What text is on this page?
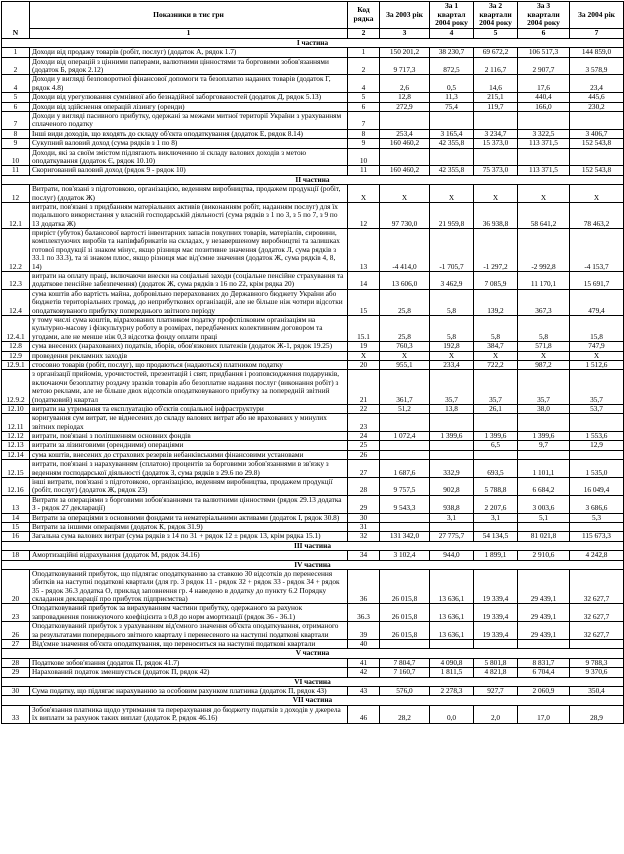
N	Показники в тис грн	Код рядка	За 2003 рік	За 1 квартал 2004 року	За 2 квартали 2004 року	За 3 квартали 2004 року	За 2004 рік
	1	2	3	4	5	6	7
І частина							
1	Доходи від продажу товарів (робіт, послуг) (додаток А, рядок 1.7)	1	150 201,2	38 230,7	69 672,2	106 517,3	144 859,0
2	Доходи від операцій з цінними паперами, валютними цінностями та борговими зобов'язаннями (додаток Б, рядок 2.12)	2	9 717,3	872,5	2 116,7	2 907,7	3 578,9
4	Доходи у вигляді безповоротної фінансової допомоги та безоплатно наданих товарів (додаток Г, рядок 4.8)	4	2,6	0,5	14,6	17,6	23,4
5	Доходи від урегулювання сумнівної або безнадійної заборгованостей (додаток Д, рядок 5.13)	5	12,8	11,3	215,1	440,4	445,6
6	Доходи від здійснення операцій лізингу (оренди)	6	272,9	75,4	119,7	166,0	230,2
7	Доходи у вигляді пасивного прибутку, одержані за межами митної території України з урахуванням сплаченого податку	7					
8	Інші види доходів, що входять до складу об'єкта оподаткування (додаток Е, рядок 8.14)	8	253,4	3 165,4	3 234,7	3 322,5	3 406,7
9	Сукупний валовий доход (сума рядків з 1 по 8)	9	160 460,2	42 355,8	15 373,0	113 371,5	152 543,8
10	Доходи, які за своїм змістом підлягають виключенню зі складу валових доходів з метою оподаткування (додаток Є, рядок 10.10)	10					
11	Скоригований валовий доход (рядок 9 - рядок 10)	11	160 460,2	42 355,8	75 373,0	113 371,5	152 543,8
ІІ частина							
12	Витрати, пов'язані з підготовкою, організацією, веденням виробництва, продажем продукції (робіт, послуг) (додаток Ж)	Х	Х	Х	Х	Х	Х
12.1	витрати, пов'язані з придбанням матеріальних активів (виконанням робіт, наданням послуг) для їх подальшого використання у власній господарській діяльності (сума рядків з 1 по 3, з 5 по 7, з 9 по 13 додатка Ж)	12	97 730,0	21 959,8	36 938,8	58 641,2	78 463,2
12.2	приріст (убуток) балансової вартості інвентарних запасів покупних товарів, матеріалів, сировини, комплектуючих виробів та напівфабрикатів на складах, у незавершеному виробництві та залишках готової продукції зі знаком мінус, якщо різниця має позитивне значення (додаток Л, сума рядків з 33.1 по 33.3), та зі знаком плюс, якщо різниця має від'ємне значення (додаток Ж, сума рядків 4, 8, 14)	13	-4 414,0	-1 705,7	-1 297,2	-2 992,8	-4 153,7
12.3	витрати на оплату праці, включаючи внески на соціальні заходи (соціальне пенсійне страхування та додаткове пенсійне забезпечення) (додаток Ж, сума рядків з 16 по 22, крім рядка 20)	14	13 606,0	3 462,9	7 085,9	11 170,1	15 691,7
12.4	сума коштів або вартість майна, добровільно перерахованих до Державного бюджету України або бюджетів територіальних громад, до неприбуткових організацій, але не більше ніж чотири відсотки оподатковуваного прибутку попереднього звітного періоду	15	25,8	5,8	139,2	367,3	479,4
12.4.1	у тому числі сума коштів, відрахованих платником податку профспілковим організаціям на культурно-масову і фізкультурну роботу в розмірах, передбачених колективним договором та угодами, але не менше ніж 0,3 відсотка фонду оплати праці	15.1	25,8	5,8	5,8	5,8	15,8
12.8	сума внесених (нарахованих) податків, зборів, обов'язкових платежів (додаток Ж-1, рядок 19.25)	19	760,3	192,8	384,7	571,8	747,9
12.9	проведення рекламних заходів	Х	Х	Х	Х	Х	Х
12.9.1	стосовно товарів (робіт, послуг), що продаються (надаються) платником податку	20	955,1	233,4	722,2	987,2	1 512,6
12.9.2	з організації прийомів, урочистостей, презентацій і свят, придбання і розповсюдження подарунків, включаючи безоплатну роздачу зразків товарів або безоплатне надання послуг (виконання робіт) з метою реклами, але не більше двох відсотків оподатковуваного прибутку за попередній звітний (податковий) квартал	21	361,7	35,7	35,7	35,7	35,7
12.10	витрати на утримання та експлуатацію об'єктів соціальної інфраструктури	22	51,2	13,8	26,1	38,0	53,7
12.11	коригування сум витрат, не віднесених до складу валових витрат або не врахованих у минулих звітних періодах	23					
12.12	витрати, пов'язані з поліпшенням основних фондів	24	1 072,4	1 399,6	1 399,6	1 399,6	1 553,6
12.13	витрати за лізинговими (орендними) операціями	25			6,5	9,7	12,9
12.14	сума коштів, внесених до страхових резервів небанківськими фінансовими установами	26					
12.15	витрати, пов'язані з нарахуванням (сплатою) процентів за борговими зобов'язаннями в зв'язку з веденням господарської діяльності (додаток З, сума рядків з 29.6 по 29.8)	27	1 687,6	332,9	693,5	1 101,1	1 535,0
12.16	інші витрати, пов'язані з підготовкою, організацією, веденням виробництва, продажем продукції (робіт, послуг) (додаток Ж, рядок 23)	28	9 757,5	902,8	5 788,8	6 684,2	16 049,4
13	Витрати за операціями з борговими зобов'язаннями та валютними цінностями (рядок 29.13 додатка З - рядок 27 декларації)	29	9 543,3	938,8	2 207,6	3 003,6	3 686,6
14	Витрати за операціями з основними фондами та нематеріальними активами (додаток І, рядок 30.8)	30		3,1	3,1	5,1	5,3
15	Витрати за іншими операціями (додаток К, рядок 31.9)	31					
16	Загальна сума валових витрат (сума рядків з 14 по 31 + рядок 12 ± рядок 13, крім рядка 15.1)	32	131 342,0	27 775,7	54 134,5	81 021,8	115 673,3
ІІІ частина							
18	Амортизаційні відрахування (додаток М, рядок 34.16)	34	3 102,4	944,0	1 899,1	2 910,6	4 242,8
IV частина							
20	Оподатковуваний прибуток, що підлягає оподаткуванню за ставкою 30 відсотків до перенесення збитків на наступні податкові квартали (для гр. 3 рядок 11 - рядок 32 + рядок 33 - рядок 34 + рядок 35 - рядок 36.3 додатка О, приклад заповнення гр. 4 наведено в додатку до пункту 6.2 Порядку складання декларації про прибуток підприємства)	36	26 015,8	13 636,1	19 339,4	29 439,1	32 627,7
23	Оподатковуваний прибуток за вирахуванням частини прибутку, одержаного за рахунок запровадження понижуючого коефіцієнта з 0,8 до норм амортизації (рядок 36 - 36.1)	36.3	26 015,8	13 636,1	19 339,4	29 439,1	32 627,7
26	Оподатковуваний прибуток з урахуванням від'ємного значення об'єкта оподаткування, отриманого за результатами попереднього звітного кварталу і перенесеного на наступні податкові квартали	39	26 015,8	13 636,1	19 339,4	29 439,1	32 627,7
27	Від'ємне значення об'єкта оподаткування, що переноситься на наступні податкові квартали	40					
V частина							
28	Податкове зобов'язання (додаток П, рядок 41.7)	41	7 804,7	4 090,8	5 801,8	8 831,7	9 788,3
29	Нарахований податок зменшується (додаток П, рядок 42)	42	7 160,7	1 811,5	4 821,8	6 704,4	9 370,6
VІ частина							
30	Сума податку, що підлягає нарахуванню за особовим рахунком платника (додаток П, рядок 43)	43	576,0	2 278,3	927,7	2 060,9	350,4
VІІ частина							
33	Зобов'язання платника щодо утримання та перерахування до бюджету податків з доходів у джерела їх виплати за рахунок таких виплат (додаток Р, рядок 46.16)	46	28,2	0,0	2,0	17,0	28,9
